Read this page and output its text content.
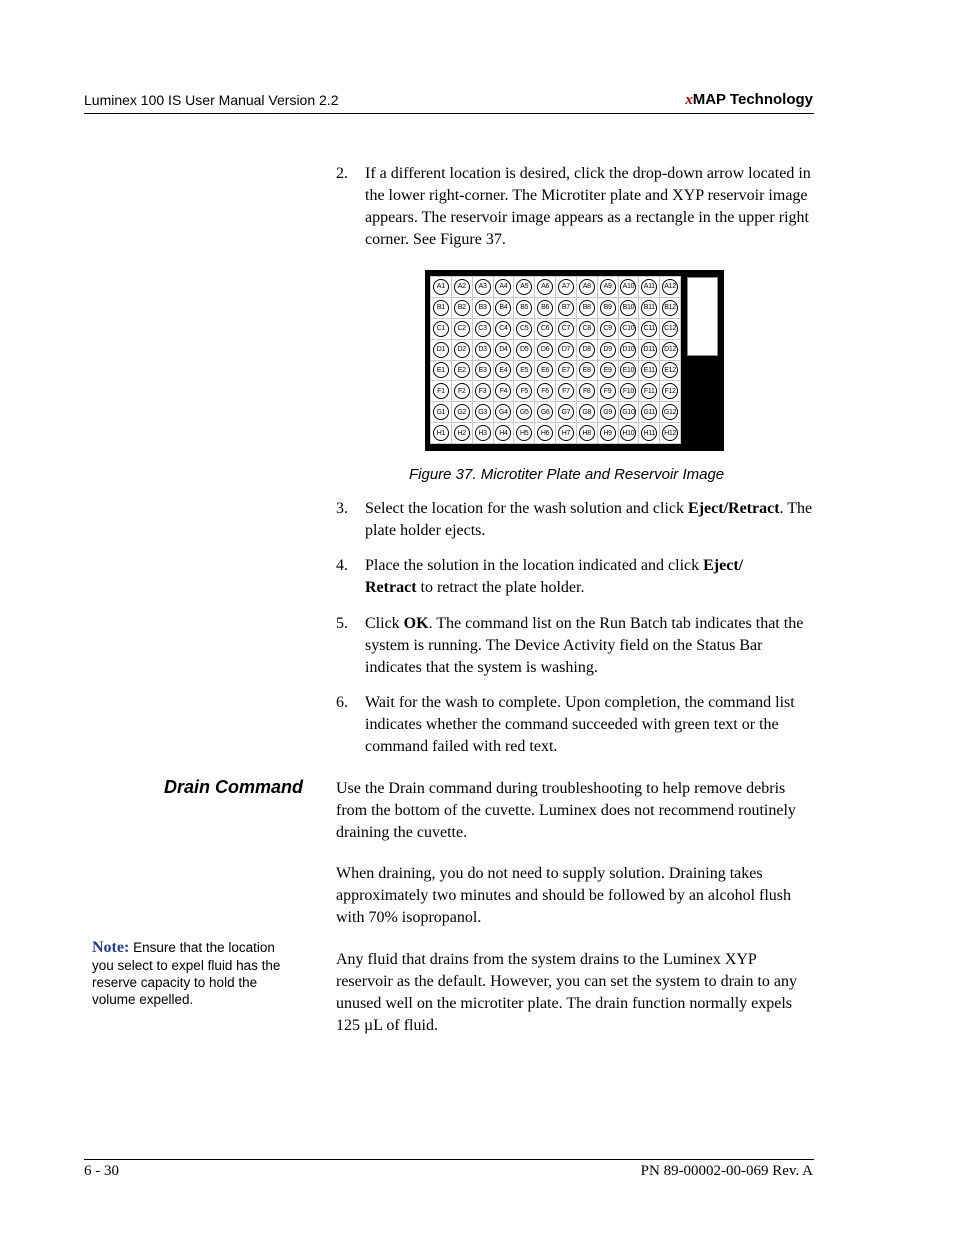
Luminex 100 IS User Manual Version 2.2	xMAP Technology
2. If a different location is desired, click the drop-down arrow located in the lower right-corner. The Microtiter plate and XYP reservoir image appears. The reservoir image appears as a rectangle in the upper right corner. See Figure 37.
A1	A2	A3	A4	A5	A6	A7	A8	A9	A10	A11	A12
B1	B2	B3	B4	B5	B6	B7	B8	B9	B10	B11	B12
C1	C2	C3	C4	C5	C6	C7	C8	C9	C10	C11	C12
D1	D2	D3	D4	D5	D6	D7	D8	D9	D10	D11	D12
E1	E2	E3	E4	E5	E6	E7	E8	E9	E10	E11	E12
F1	F2	F3	F4	F5	F6	F7	F8	F9	F10	F11	F12
G1	G2	G3	G4	G5	G6	G7	G8	G9	G10 G11 G12
H1	H2	H3	H4	H5	H6	H7	H8	H9	H10	H11	H12
Figure 37. Microtiter Plate and Reservoir Image
3. Select the location for the wash solution and click Eject/Retract. The plate holder ejects.
4. Place the solution in the location indicated and click Eject/ Retract to retract the plate holder.
5. Click OK. The command list on the Run Batch tab indicates that the system is running. The Device Activity field on the Status Bar indicates that the system is washing.
6. Wait for the wash to complete. Upon completion, the command list indicates whether the command succeeded with green text or the command failed with red text.
Drain Command Use the Drain command during troubleshooting to help remove debris from the bottom of the cuvette. Luminex does not recommend routinely draining the cuvette.
When draining, you do not need to supply solution. Draining takes approximately two minutes and should be followed by an alcohol flush with 70% isopropanol.
Any fluid that drains from the system drains to the Luminex XYP reservoir as the default. However, you can set the system to drain to any unused well on the microtiter plate. The drain function normally expels 125 µL of fluid.
Note: Ensure that the location you select to expel fluid has the reserve capacity to hold the volume expelled.
6 - 30	PN 89-00002-00-069 Rev. A
